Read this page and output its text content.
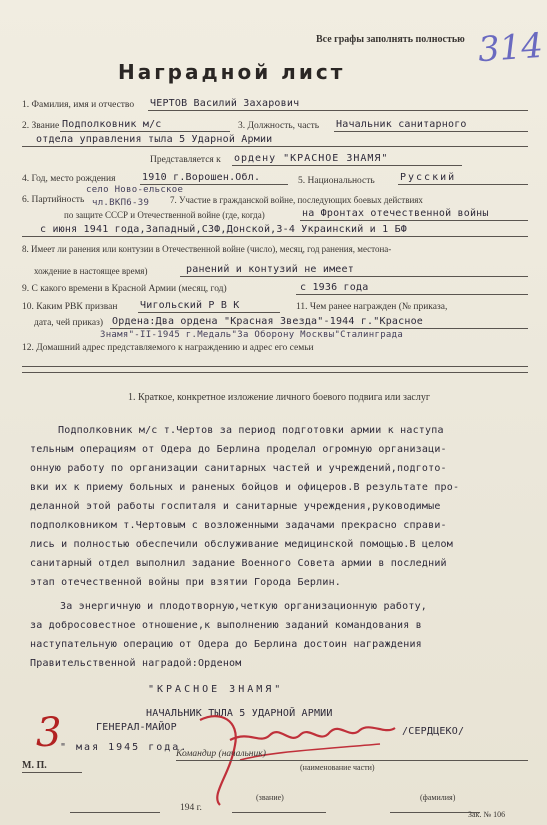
Все графы заполнять полностью 314
Наградной лист
1. Фамилия, имя и отчество ЧЕРТОВ Василий Захарович
2. Звание Подполковник м/с	3. Должность, часть Начальник санитарного
отдела управления тыла 5 Ударной Армии
Представляется к ордену "КРАСНОЕ ЗНАМЯ"
4. Год, место рождения	1910 г.Ворошен.Обл.	5. Национальность	Русский
село Ново-ельское
6. Партийность чл.ВКП6-39 7. Участие в гражданской войне, последующих боевых действиях
по защите СССР и Отечественной войне (где, когда)	на Фронтах отечественной войны
с июня 1941 года,Западный,СЗФ,Донской,3-4 Украинский и 1 БФ
8. Имеет ли ранения или контузии в Отечественной войне (число), месяц, год ранения, местона-
хождение в настоящее время)	ранений и контузий не имеет
9. С какого времени в Красной Армии (месяц, год)	с 1936 года
10. Каким РВК призван Чигольский Р В К	11. Чем ранее награжден (№ приказа,
дата, чей приказ) Ордена:Два ордена "Красная Звезда"-1944 г."Красное
Знамя"-II-1945 г.Медаль"За Оборону Москвы"Сталинграда
12. Домашний адрес представляемого к награждению и адрес его семьи
1. Краткое, конкретное изложение личного боевого подвига или заслуг
Подполковник м/с т.Чертов за период подготовки армии к наступа
тельным операциям от Одера до Берлина проделал огромную организаци-
онную работу по организации санитарных частей и учреждений,подгото-
вки их к приему больных и раненых бойцов и офицеров.В результате про-
деланной этой работы госпиталя и санитарные учреждения,руководимые
подполковником т.Чертовым с возложенными задачами прекрасно справи-
лись и полностью обеспечили обслуживание медицинской помощью.В целом
санитарный отдел выполнил задание Военного Совета армии в последний
этап отечественной войны при взятии Города Берлин.
За энергичную и плодотворную,четкую организационную работу,
за добросовестное отношение,к выполнению заданий командования в
наступательную операцию от Одера до Берлина достоин награждения
Правительственной наградой:Орденом
"КРАСНОЕ ЗНАМЯ"
НАЧАЛЬНИК ТЫЛА 5 УДАРНОЙ АРМИИ
ГЕНЕРАЛ-МАЙОР	/СЕРДЦЕКО/
3
" мая 1945 года.
Командир (начальник)
(наименование части)
М. П.
194 г.
(звание)	(фамилия)
Зак. № 106
